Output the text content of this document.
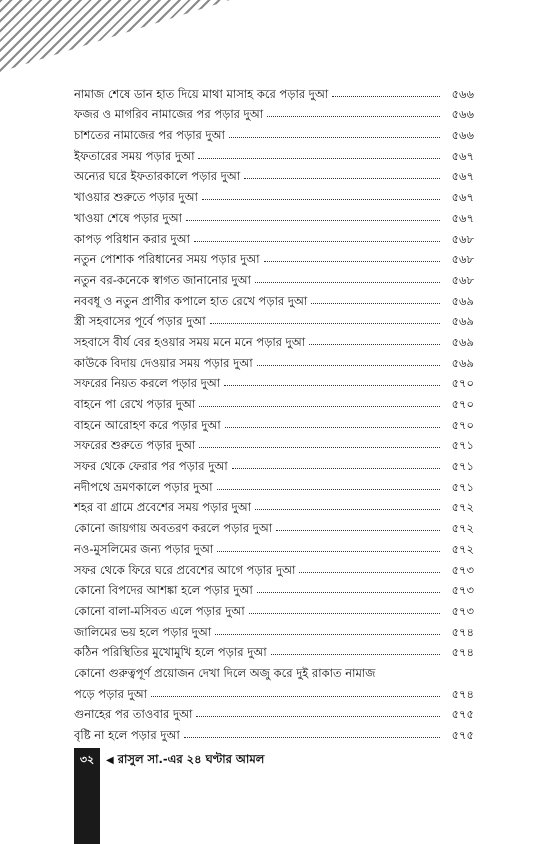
নামাজ শেষে ডান হাত দিয়ে মাথা মাসাহ করে পড়ার দুআ	৫৬৬
ফজর ও মাগরিব নামাজের পর পড়ার দুআ	৫৬৬
চাশতের নামাজের পর পড়ার দুআ	৫৬৬
ইফতারের সময় পড়ার দুআ	৫৬৭
অন্যের ঘরে ইফতারকালে পড়ার দুআ	৫৬৭
খাওয়ার শুরুতে পড়ার দুআ	৫৬৭
খাওয়া শেষে পড়ার দুআ	৫৬৭
কাপড় পরিধান করার দুআ	৫৬৮
নতুন পোশাক পরিধানের সময় পড়ার দুআ	৫৬৮
নতুন বর-কনেকে স্বাগত জানানোর দুআ	৫৬৮
নববধূ ও নতুন প্রাণীর কপালে হাত রেখে পড়ার দুআ	৫৬৯
স্ত্রী সহবাসের পূর্বে পড়ার দুআ	৫৬৯
সহবাসে বীর্য বের হওয়ার সময় মনে মনে পড়ার দুআ	৫৬৯
কাউকে বিদায় দেওয়ার সময় পড়ার দুআ	৫৬৯
সফরের নিয়ত করলে পড়ার দুআ	৫৭০
বাহনে পা রেখে পড়ার দুআ	৫৭০
বাহনে আরোহণ করে পড়ার দুআ	৫৭০
সফরের শুরুতে পড়ার দুআ	৫৭১
সফর থেকে ফেরার পর পড়ার দুআ	৫৭১
নদীপথে ভ্রমণকালে পড়ার দুআ	৫৭১
শহর বা গ্রামে প্রবেশের সময় পড়ার দুআ	৫৭২
কোনো জায়গায় অবতরণ করলে পড়ার দুআ	৫৭২
নও-মুসলিমের জন্য পড়ার দুআ	৫৭২
সফর থেকে ফিরে ঘরে প্রবেশের আগে পড়ার দুআ	৫৭৩
কোনো বিপদের আশঙ্কা হলে পড়ার দুআ	৫৭৩
কোনো বালা-মসিবত এলে পড়ার দুআ	৫৭৩
জালিমের ভয় হলে পড়ার দুআ	৫৭৪
কঠিন পরিস্থিতির মুখোমুখি হলে পড়ার দুআ	৫৭৪
কোনো গুরুত্বপূর্ণ প্রয়োজন দেখা দিলে অজু করে দুই রাকাত নামাজ
পড়ে পড়ার দুআ	৫৭৪
গুনাহের পর তাওবার দুআ	৫৭৫
বৃষ্টি না হলে পড়ার দুআ	৫৭৫
৩২	◀ রাসুল সা.-এর ২৪ ঘণ্টার আমল
